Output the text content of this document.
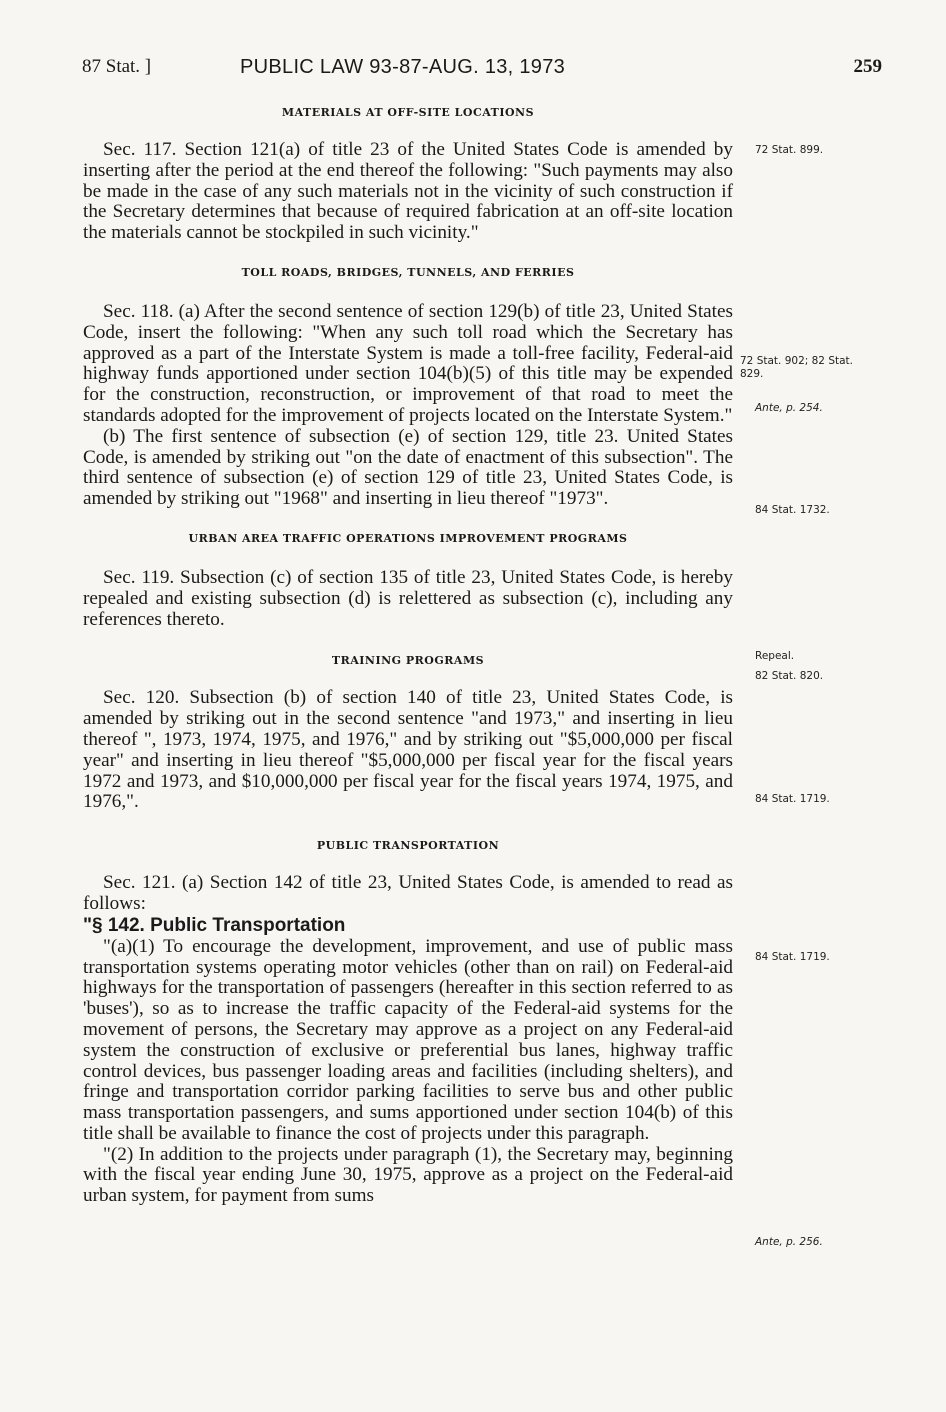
87 Stat. ]	PUBLIC LAW 93-87-AUG. 13, 1973	259

MATERIALS AT OFF-SITE LOCATIONS

Sec. 117. Section 121(a) of title 23 of the United States Code is amended by inserting after the period at the end thereof the following: "Such payments may also be made in the case of any such materials not in the vicinity of such construction if the Secretary determines that because of required fabrication at an off-site location the materials cannot be stockpiled in such vicinity."

TOLL ROADS, BRIDGES, TUNNELS, AND FERRIES

Sec. 118. (a) After the second sentence of section 129(b) of title 23, United States Code, insert the following: "When any such toll road which the Secretary has approved as a part of the Interstate System is made a toll-free facility, Federal-aid highway funds apportioned under section 104(b)(5) of this title may be expended for the construction, reconstruction, or improvement of that road to meet the standards adopted for the improvement of projects located on the Interstate System."

(b) The first sentence of subsection (e) of section 129, title 23. United States Code, is amended by striking out "on the date of enactment of this subsection". The third sentence of subsection (e) of section 129 of title 23, United States Code, is amended by striking out "1968" and inserting in lieu thereof "1973".

URBAN AREA TRAFFIC OPERATIONS IMPROVEMENT PROGRAMS

Sec. 119. Subsection (c) of section 135 of title 23, United States Code, is hereby repealed and existing subsection (d) is relettered as subsection (c), including any references thereto.

TRAINING PROGRAMS

Sec. 120. Subsection (b) of section 140 of title 23, United States Code, is amended by striking out in the second sentence "and 1973," and inserting in lieu thereof ", 1973, 1974, 1975, and 1976," and by striking out "$5,000,000 per fiscal year" and inserting in lieu thereof "$5,000,000 per fiscal year for the fiscal years 1972 and 1973, and $10,000,000 per fiscal year for the fiscal years 1974, 1975, and 1976,".

PUBLIC TRANSPORTATION

Sec. 121. (a) Section 142 of title 23, United States Code, is amended to read as follows:

"§ 142. Public Transportation

"(a)(1) To encourage the development, improvement, and use of public mass transportation systems operating motor vehicles (other than on rail) on Federal-aid highways for the transportation of passengers (hereafter in this section referred to as 'buses'), so as to increase the traffic capacity of the Federal-aid systems for the movement of persons, the Secretary may approve as a project on any Federal-aid system the construction of exclusive or preferential bus lanes, highway traffic control devices, bus passenger loading areas and facilities (including shelters), and fringe and transportation corridor parking facilities to serve bus and other public mass transportation passengers, and sums apportioned under section 104(b) of this title shall be available to finance the cost of projects under this paragraph.

"(2) In addition to the projects under paragraph (1), the Secretary may, beginning with the fiscal year ending June 30, 1975, approve as a project on the Federal-aid urban system, for payment from sums

72 Stat. 899.
72 Stat. 902; 82 Stat. 829.
Ante, p. 254.
84 Stat. 1732.
Repeal.
82 Stat. 820.
84 Stat. 1719.
84 Stat. 1719.
Ante, p. 256.
